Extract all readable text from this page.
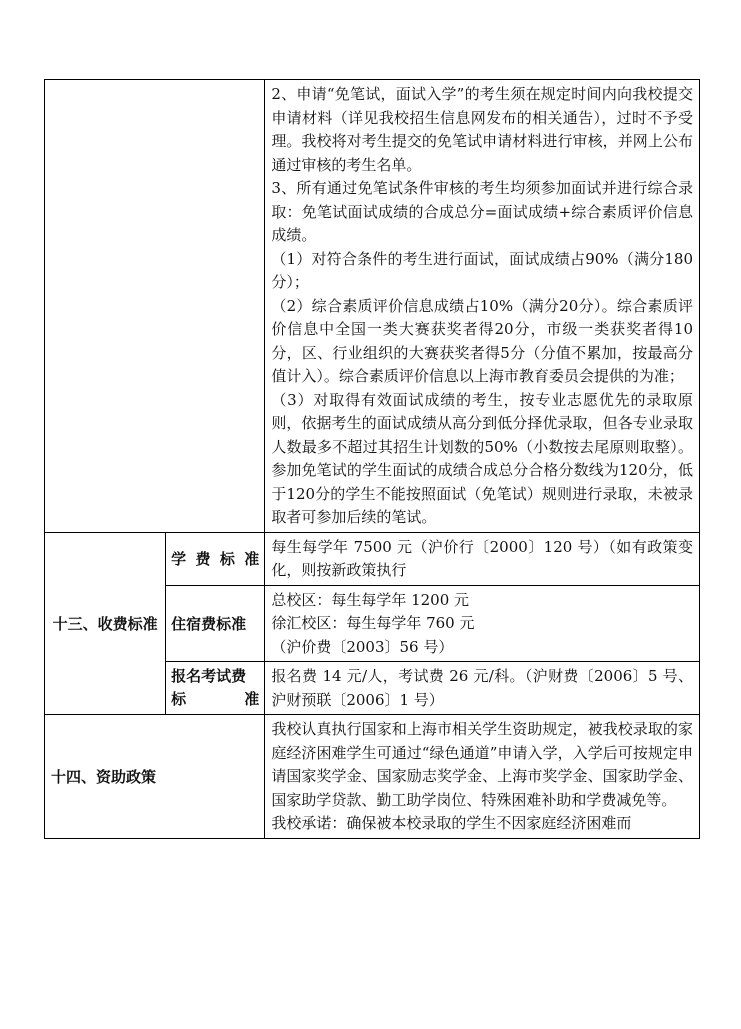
		2、申请“免笔试，面试入学”的考生须在规定时间内向我校提交申请材料（详见我校招生信息网发布的相关通告），过时不予受理。我校将对考生提交的免笔试申请材料进行审核，并网上公布通过审核的考生名单。

3、所有通过免笔试条件审核的考生均须参加面试并进行综合录取：免笔试面试成绩的合成总分=面试成绩+综合素质评价信息成绩。

（1）对符合条件的考生进行面试，面试成绩占90%（满分180分）；

（2）综合素质评价信息成绩占10%（满分20分）。综合素质评价信息中全国一类大赛获奖者得20分，市级一类获奖者得10分，区、行业组织的大赛获奖者得5分（分值不累加，按最高分值计入）。综合素质评价信息以上海市教育委员会提供的为准；

（3）对取得有效面试成绩的考生，按专业志愿优先的录取原则，依据考生的面试成绩从高分到低分择优录取，但各专业录取人数最多不超过其招生计划数的50%（小数按去尾原则取整）。参加免笔试的学生面试的成绩合成总分合格分数线为120分，低于120分的学生不能按照面试（免笔试）规则进行录取，未被录取者可参加后续的笔试。

十三、收费标准	学 费 标 准	每生每学年 7500 元（沪价行〔2000〕120 号）（如有政策变化，则按新政策执行

	住宿费标准	总校区：每生每学年 1200 元

徐汇校区：每生每学年 760 元

（沪价费〔2003〕56 号）

	报名考试费
标 准	报名费 14 元/人，考试费 26 元/科。（沪财费〔2006〕5 号、沪财预联〔2006〕1 号）

十四、资助政策		我校认真执行国家和上海市相关学生资助规定，被我校录取的家庭经济困难学生可通过“绿色通道”申请入学，入学后可按规定申请国家奖学金、国家励志奖学金、上海市奖学金、国家助学金、国家助学贷款、勤工助学岗位、特殊困难补助和学费减免等。

我校承诺：确保被本校录取的学生不因家庭经济困难而
